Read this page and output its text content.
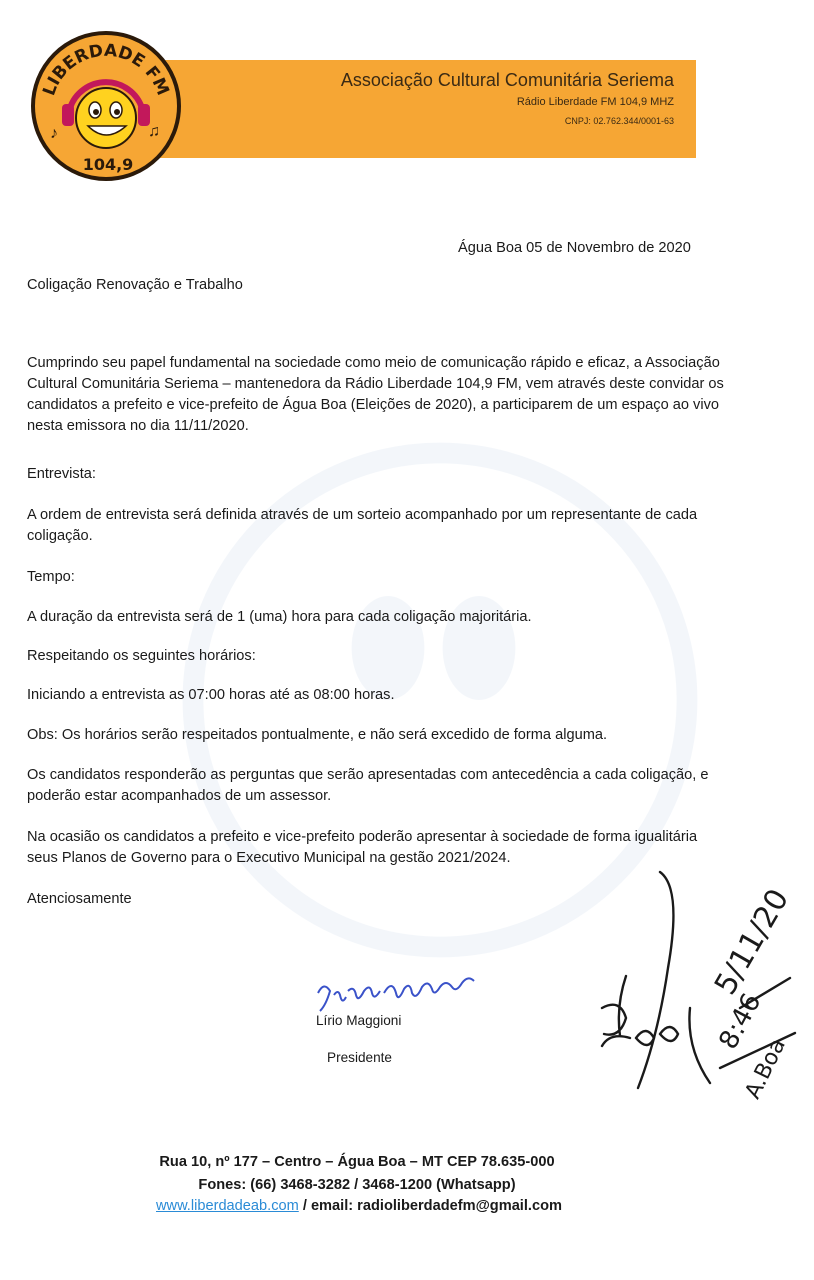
Associação Cultural Comunitária Seriema
Rádio Liberdade FM 104,9 MHZ
CNPJ: 02.762.344/0001-63
LIBERDADE FM
♪	♫
104,9
Água Boa 05 de Novembro de 2020
Coligação Renovação e Trabalho
Cumprindo seu papel fundamental na sociedade como meio de comunicação rápido e eficaz, a Associação Cultural Comunitária Seriema – mantenedora da Rádio Liberdade 104,9 FM, vem através deste convidar os candidatos a prefeito e vice-prefeito de Água Boa (Eleições de 2020), a participarem de um espaço ao vivo nesta emissora no dia 11/11/2020.
Entrevista:
A ordem de entrevista será definida através de um sorteio acompanhado por um representante de cada coligação.
Tempo:
A duração da entrevista será de 1 (uma) hora para cada coligação majoritária.
Respeitando os seguintes horários:
Iniciando a entrevista as 07:00 horas até as 08:00 horas.
Obs: Os horários serão respeitados pontualmente, e não será excedido de forma alguma.
Os candidatos responderão as perguntas que serão apresentadas com antecedência a cada coligação, e poderão estar acompanhados de um assessor.
Na ocasião os candidatos a prefeito e vice-prefeito poderão apresentar à sociedade de forma igualitária seus Planos de Governo para o Executivo Municipal na gestão 2021/2024.
Atenciosamente
Lírio Maggioni
Presidente
5/11/20
8:46
A.Boa
Rua 10, nº 177 – Centro – Água Boa – MT CEP 78.635-000
Fones: (66) 3468-3282 / 3468-1200 (Whatsapp)
www.liberdadeab.com / email: radioliberdadefm@gmail.com
